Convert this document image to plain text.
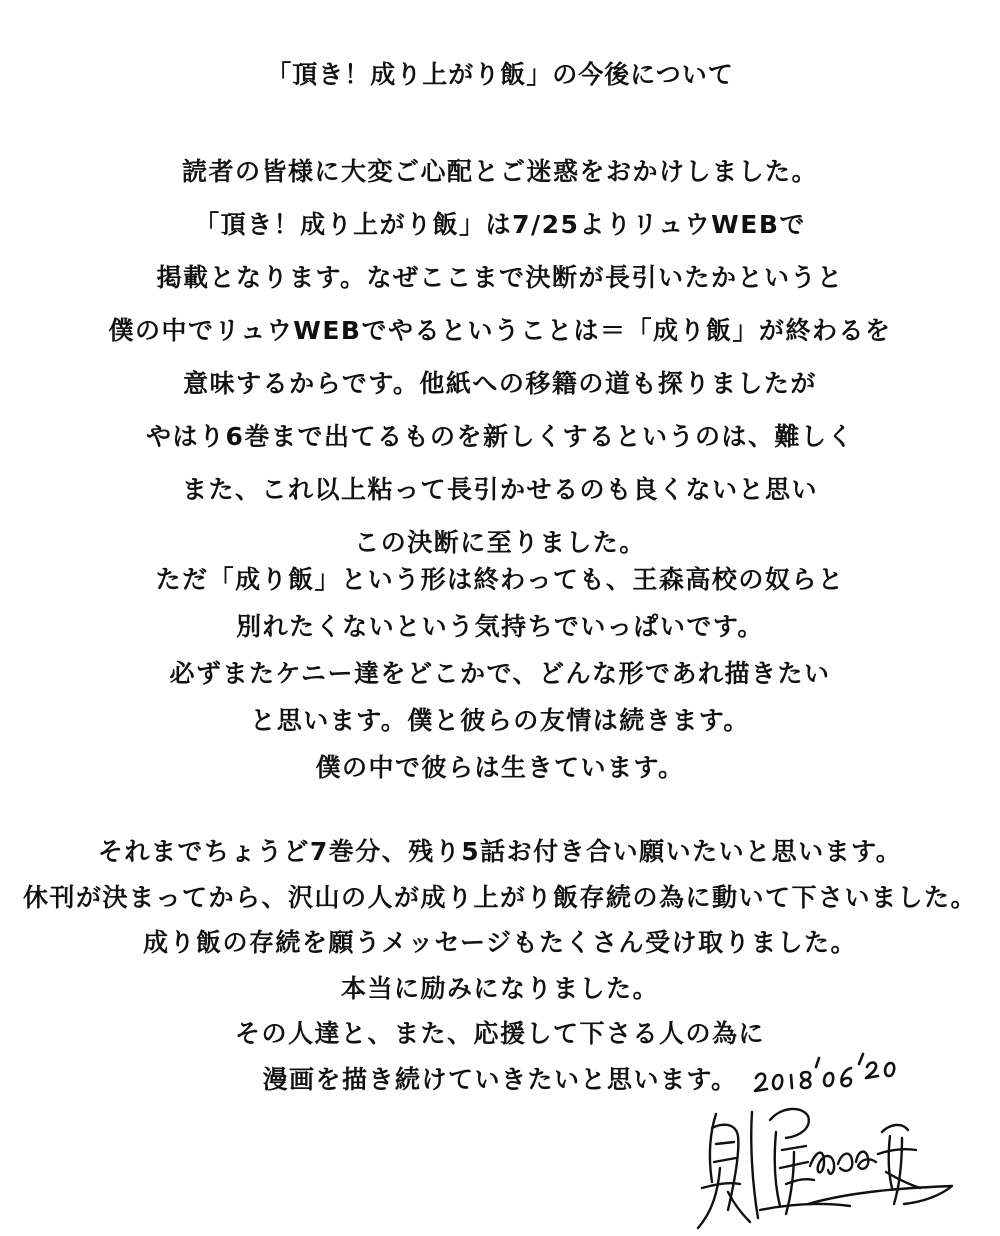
「頂き！成り上がり飯」の今後について
読者の皆様に大変ご心配とご迷惑をおかけしました。
「頂き！成り上がり飯」は7/25よりリュウWEBで
掲載となります。なぜここまで決断が長引いたかというと
僕の中でリュウWEBでやるということは＝「成り飯」が終わるを
意味するからです。他紙への移籍の道も探りましたが
やはり6巻まで出てるものを新しくするというのは、難しく
また、これ以上粘って長引かせるのも良くないと思い
この決断に至りました。
ただ「成り飯」という形は終わっても、王森高校の奴らと
別れたくないという気持ちでいっぱいです。
必ずまたケニー達をどこかで、どんな形であれ描きたい
と思います。僕と彼らの友情は続きます。
僕の中で彼らは生きています。
それまでちょうど7巻分、残り5話お付き合い願いたいと思います。
休刊が決まってから、沢山の人が成り上がり飯存続の為に動いて下さいました。
成り飯の存続を願うメッセージもたくさん受け取りました。
本当に励みになりました。
その人達と、また、応援して下さる人の為に
漫画を描き続けていきたいと思います。
